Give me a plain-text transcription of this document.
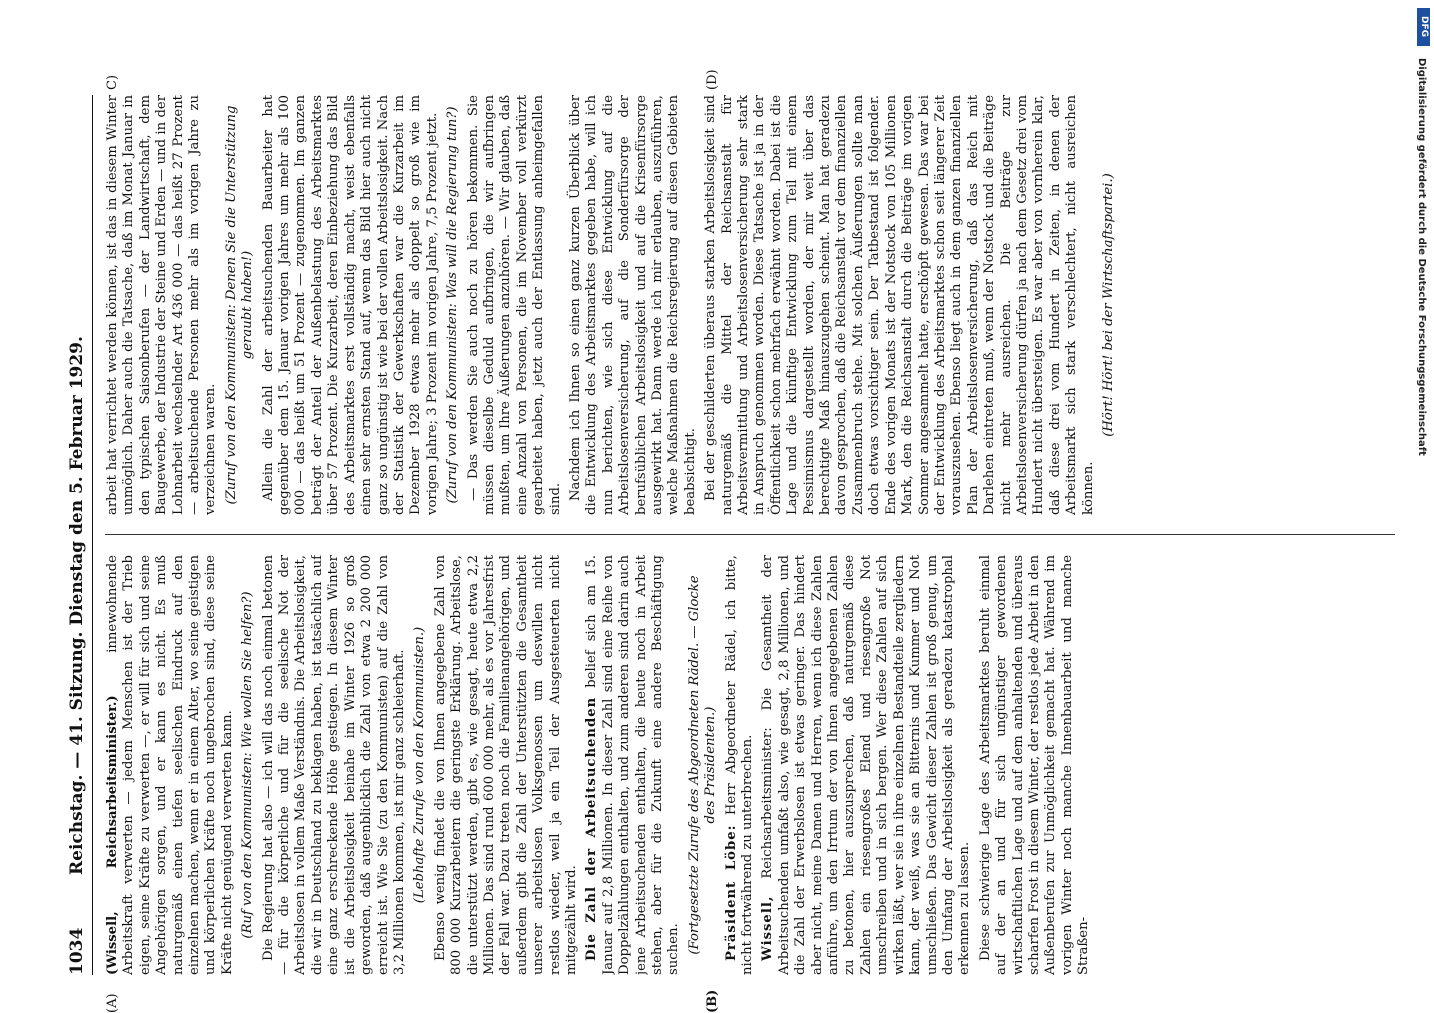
1034
Reichstag. — 41. Sitzung. Dienstag den 5. Februar 1929. (Wissell, Reichsarbeitsminister.) innewohnende Arbeitskraft verwerten — jedem Menschen ist der Trieb eigen, seine Kräfte zu verwerten —, er will für sich und seine Angehörigen sorgen, und er kann es nicht. Es muß naturgemäß einen tiefen seelischen Eindruck auf den einzelnen machen, wenn er in einem Alter, wo seine geistigen und körperlichen Kräfte noch ungebrochen sind, diese seine Kräfte nicht genügend verwerten kann. (Ruf von den Kommunisten: Wie wollen Sie helfen?) Die Regierung hat also — ich will das noch einmal betonen — für die körperliche und für die seelische Not der Arbeitslosen in vollem Maße Verständnis. Die Arbeitslosigkeit, die wir in Deutschland zu beklagen haben, ist tatsächlich auf eine ganz erschreckende Höhe gestiegen. In diesem Winter ist die Arbeitslosigkeit beinahe im Winter 1926 so groß geworden, daß augenblicklich die Zahl von etwa 2 200 000 erreicht ist. Wie Sie (zu den Kommunisten) auf die Zahl von 3,2 Millionen kommen, ist mir ganz schleierhaft. (Lebhafte Zurufe von den Kommunisten.) Ebenso wenig findet die von Ihnen angegebene Zahl von 800 000 Kurzarbeitern die geringste Erklärung. Arbeitslose, die unterstützt werden, gibt es, wie gesagt, heute etwa 2,2 Millionen. Das sind rund 600 000 mehr, als es vor Jahresfrist der Fall war. Dazu treten noch die Familienangehörigen, und außerdem gibt die Zahl der Unterstützten die Gesamtheit unserer arbeitslosen Volksgenossen um deswillen nicht restlos wieder, weil ja ein Teil der Ausgesteuerten nicht mitgezählt wird. Die Zahl der Arbeitsuchenden belief sich am 15. Januar auf 2,8 Millionen. In dieser Zahl sind eine Reihe von Doppelzählungen enthalten, und zum anderen sind darin auch jene Arbeitsuchenden enthalten, die heute noch in Arbeit stehen, aber für die Zukunft eine andere Beschäftigung suchen. (Fortgesetzte Zurufe des Abgeordneten Rädel. — Glocke des Präsidenten.)

Präsident Löbe: Herr Abgeordneter Rädel, ich bitte, nicht fortwährend zu unterbrechen. Wissell, Reichsarbeitsminister: Die Gesamtheit der Arbeitsuchenden umfaßt also, wie gesagt, 2,8 Millionen, und die Zahl der Erwerbslosen ist etwas geringer. Das hindert aber nicht, meine Damen und Herren, wenn ich diese Zahlen anführe, um den Irrtum der von Ihnen angegebenen Zahlen zu betonen, hier auszusprechen, daß naturgemäß diese Zahlen ein riesengroßes Elend und riesengroße Not umschreiben und in sich bergen. Wer diese Zahlen auf sich wirken läßt, wer sie in ihre einzelnen Bestandteile zergliedern kann, der weiß, was sie an Bitternis und Kummer und Not umschließen. Das Gewicht dieser Zahlen ist groß genug, um den Umfang der Arbeitslosigkeit als geradezu katastrophal erkennen zu lassen. Diese schwierige Lage des Arbeitsmarktes beruht einmal auf der an und für sich ungünstiger gewordenen wirtschaftlichen Lage und auf dem anhaltenden und überaus scharfen Frost in diesem Winter, der restlos jede Arbeit in den Außenberufen zur Unmöglichkeit gemacht hat. Während im vorigen Winter noch manche Innenbauarbeit und manche Straßen-

arbeit hat verrichtet werden können, ist das in diesem Winter unmöglich. Daher auch die Tatsache, daß im Monat Januar in den typischen Saisonberufen — der Landwirtschaft, dem Baugewerbe, der Industrie der Steine und Erden — und in der Lohnarbeit wechselnder Art 436 000 — das heißt 27 Prozent — arbeitsuchende Personen mehr als im vorigen Jahre zu verzeichnen waren. (Zuruf von den Kommunisten: Denen Sie die Unterstützung geraubt haben!) Allein die Zahl der arbeitsuchenden Bauarbeiter hat gegenüber dem 15. Januar vorigen Jahres um mehr als 100 000 — das heißt um 51 Prozent — zugenommen. Im ganzen beträgt der Anteil der Außenbelastung des Arbeitsmarktes über 57 Prozent. Die Kurzarbeit, deren Einbeziehung das Bild des Arbeitsmarktes erst vollständig macht, weist ebenfalls einen sehr ernsten Stand auf, wenn das Bild hier auch nicht ganz so ungünstig ist wie bei der vollen Arbeitslosigkeit. Nach der Statistik der Gewerkschaften war die Kurzarbeit im Dezember 1928 etwas mehr als doppelt so groß wie im vorigen Jahre; 3 Prozent im vorigen Jahre, 7,5 Prozent jetzt. (Zuruf von den Kommunisten: Was will die Regierung tun?) — Das werden Sie auch noch zu hören bekommen. Sie müssen dieselbe Geduld aufbringen, die wir aufbringen mußten, um Ihre Äußerungen anzuhören. — Wir glauben, daß eine Anzahl von Personen, die im November voll verkürzt gearbeitet haben, jetzt auch der Entlassung anheimgefallen sind. Nachdem ich Ihnen so einen ganz kurzen Überblick über die Entwicklung des Arbeitsmarktes gegeben habe, will ich nun berichten, wie sich diese Entwicklung auf die Arbeitslosenversicherung, auf die Sonderfürsorge der berufsüblichen Arbeitslosigkeit und auf die Krisenfürsorge ausgewirkt hat. Dann werde ich mir erlauben, auszuführen, welche Maßnahmen die Reichsregierung auf diesen Gebieten beabsichtigt. Bei der geschilderten überaus starken Arbeitslosigkeit sind naturgemäß die Mittel der Reichsanstalt für Arbeitsvermittlung und Arbeitslosenversicherung sehr stark in Anspruch genommen worden. Diese Tatsache ist ja in der Öffentlichkeit schon mehrfach erwähnt worden. Dabei ist die Lage und die künftige Entwicklung zum Teil mit einem Pessimismus dargestellt worden, der mir weit über das berechtigte Maß hinauszugehen scheint. Man hat geradezu davon gesprochen, daß die Reichsanstalt vor dem finanziellen Zusammenbruch stehe. Mit solchen Äußerungen sollte man doch etwas vorsichtiger sein. Der Tatbestand ist folgender. Ende des vorigen Monats ist der Notstock von 105 Millionen Mark, den die Reichsanstalt durch die Beiträge im vorigen Sommer angesammelt hatte, erschöpft gewesen. Das war bei der Entwicklung des Arbeitsmarktes schon seit längerer Zeit vorauszusehen. Ebenso liegt auch in dem ganzen finanziellen Plan der Arbeitslosenversicherung, daß das Reich mit Darlehen eintreten muß, wenn der Notstock und die Beiträge nicht mehr ausreichen. Die Beiträge zur Arbeitslosenversicherung dürfen ja nach dem Gesetz drei vom Hundert nicht übersteigen. Es war aber von vornherein klar, daß diese drei vom Hundert in Zeiten, in denen der Arbeitsmarkt sich stark verschlechtert, nicht ausreichen können.

(Hört! Hört! bei der Wirtschaftspartei.)

(A)	(B)
C)	(D)
DFG
Digitalisierung gefördert durch die Deutsche Forschungsgemeinschaft
